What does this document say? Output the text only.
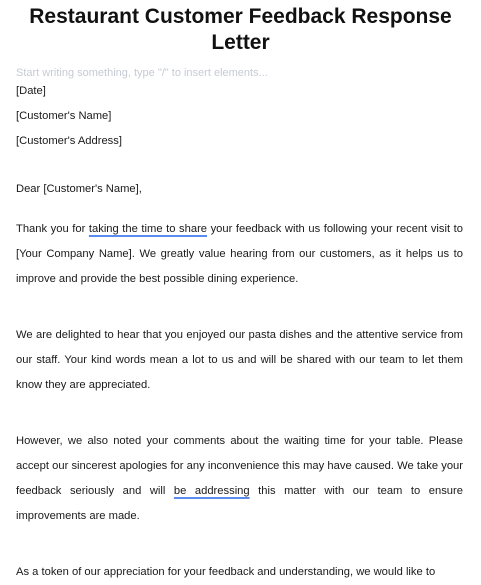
Restaurant Customer Feedback Response Letter
Start writing something, type "/" to insert elements...

[Date]

[Customer's Name]

[Customer's Address]

Dear [Customer's Name],

Thank you for taking the time to share your feedback with us following your recent visit to [Your Company Name]. We greatly value hearing from our customers, as it helps us to improve and provide the best possible dining experience.

We are delighted to hear that you enjoyed our pasta dishes and the attentive service from our staff. Your kind words mean a lot to us and will be shared with our team to let them know they are appreciated.

However, we also noted your comments about the waiting time for your table. Please accept our sincerest apologies for any inconvenience this may have caused. We take your feedback seriously and will be addressing this matter with our team to ensure improvements are made.

As a token of our appreciation for your feedback and understanding, we would like to
